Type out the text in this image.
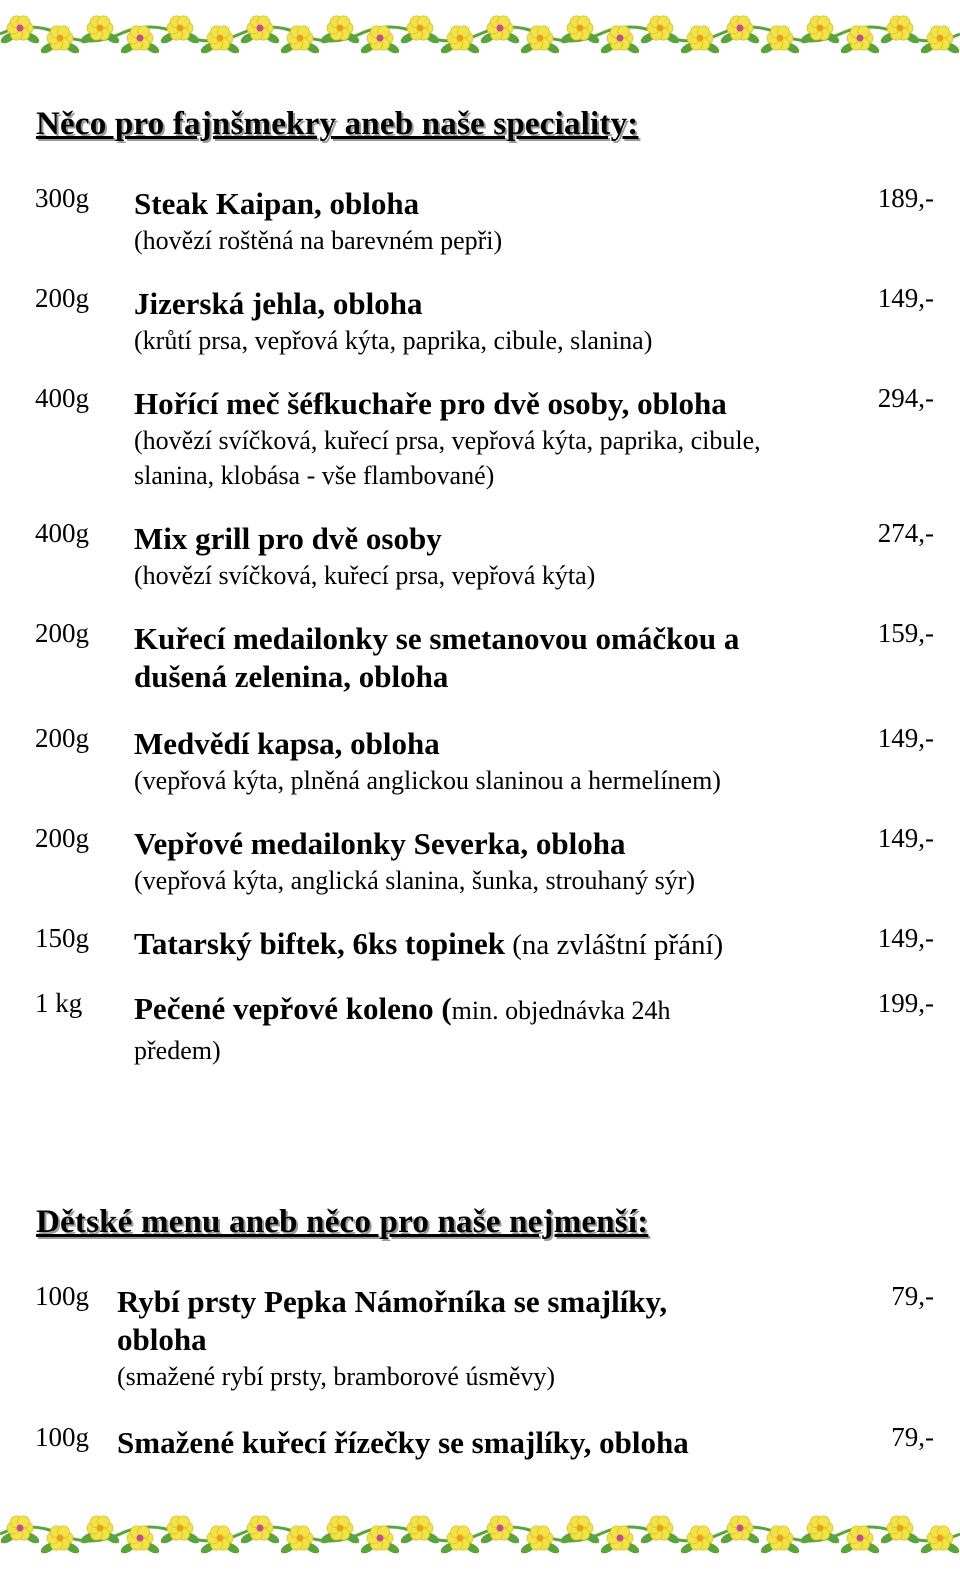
Něco pro fajnšmekry aneb naše speciality:
300g Steak Kaipan, obloha
(hovězí roštěná na barevném pepři)
189,-
200g Jizerská jehla, obloha
(krůtí prsa, vepřová kýta, paprika, cibule, slanina)
149,-
400g Hořící meč šéfkuchaře pro dvě osoby, obloha
(hovězí svíčková, kuřecí prsa, vepřová kýta, paprika, cibule, slanina, klobása - vše flambované)
294,-
400g Mix grill pro dvě osoby
(hovězí svíčková, kuřecí prsa, vepřová kýta)
274,-
200g Kuřecí medailonky se smetanovou omáčkou a dušená zelenina, obloha
159,-
200g Medvědí kapsa, obloha
(vepřová kýta, plněná anglickou slaninou a hermelínem)
149,-
200g Vepřové medailonky Severka, obloha
(vepřová kýta, anglická slanina, šunka, strouhaný sýr)
149,-
150g Tatarský biftek, 6ks topinek (na zvláštní přání)	149,-
1 kg Pečené vepřové koleno (min. objednávka 24h předem)
199,-
Dětské menu aneb něco pro naše nejmenší:
100g Rybí prsty Pepka Námořníka se smajlíky, obloha
(smažené rybí prsty, bramborové úsměvy)
79,-
100g Smažené kuřecí řízečky se smajlíky, obloha	79,-
